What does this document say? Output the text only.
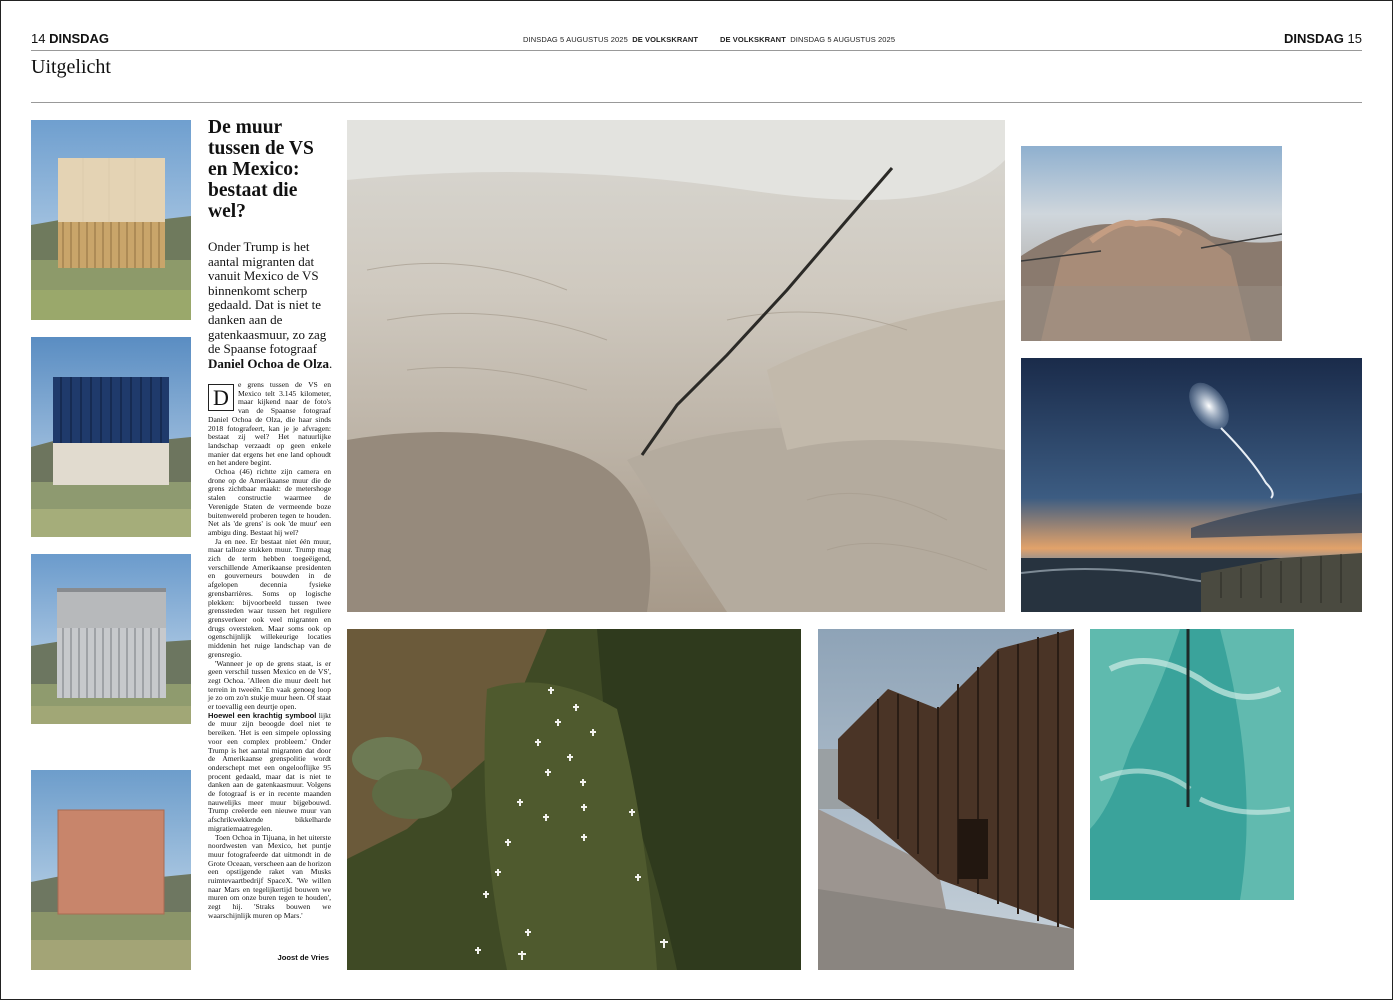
14 DINSDAG	DINSDAG 5 AUGUSTUS 2025 DE VOLKSKRANT	DE VOLKSKRANT DINSDAG 5 AUGUSTUS 2025	DINSDAG 15
Uitgelicht
De muur tussen de VS en Mexico: bestaat die wel?
Onder Trump is het aantal migranten dat vanuit Mexico de VS binnenkomt scherp gedaald. Dat is niet te danken aan de gatenkaasmuur, zo zag de Spaanse fotograaf Daniel Ochoa de Olza.

D
e grens tussen de VS en Mexico telt 3.145 kilometer, maar kijkend naar de foto's van de Spaanse fotograaf Daniel Ochoa de Olza, die haar sinds 2018 fotografeert, kan je je afvragen: bestaat zij wel? Het natuurlijke landschap verzaadt op geen enkele manier dat ergens het ene land ophoudt en het andere begint.

Ochoa (46) richtte zijn camera en drone op de Amerikaanse muur die de grens zichtbaar maakt: de metershoge stalen constructie waarmee de Verenigde Staten de vermeende boze buitenwereld proberen tegen te houden. Net als 'de grens' is ook 'de muur' een ambigu ding. Bestaat hij wel?

Ja en nee. Er bestaat niet één muur, maar talloze stukken muur. Trump mag zich de term hebben toegeëigend, verschillende Amerikaanse presidenten en gouverneurs bouwden in de afgelopen decennia fysieke grensbarrières. Soms op logische plekken: bijvoorbeeld tussen twee grenssteden waar tussen het reguliere grensverkeer ook veel migranten en drugs oversteken. Maar soms ook op ogenschijnlijk willekeurige locaties middenin het ruige landschap van de grensregio.

'Wanneer je op de grens staat, is er geen verschil tussen Mexico en de VS', zegt Ochoa. 'Alleen die muur deelt het terrein in tweeën.' En vaak genoeg loop je zo om zo'n stukje muur heen. Of staat er toevallig een deurtje open.

Hoewel een krachtig symbool lijkt de muur zijn beoogde doel niet te bereiken. 'Het is een simpele oplossing voor een complex probleem.' Onder Trump is het aantal migranten dat door de Amerikaanse grenspolitie wordt onderschept met een ongelooflijke 95 procent gedaald, maar dat is niet te danken aan de gatenkaasmuur. Volgens de fotograaf is er in recente maanden nauwelijks meer muur bijgebouwd. Trump creëerde een nieuwe muur van afschrikwekkende bikkelharde migratiemaatregelen.

Toen Ochoa in Tijuana, in het uiterste noordwesten van Mexico, het puntje muur fotografeerde dat uitmondt in de Grote Oceaan, verscheen aan de horizon een opstijgende raket van Musks ruimtevaartbedrijf SpaceX. 'We willen naar Mars en tegelijkertijd bouwen we muren om onze buren tegen te houden', zegt hij. 'Straks bouwen we waarschijnlijk muren op Mars.'

Joost de Vries
